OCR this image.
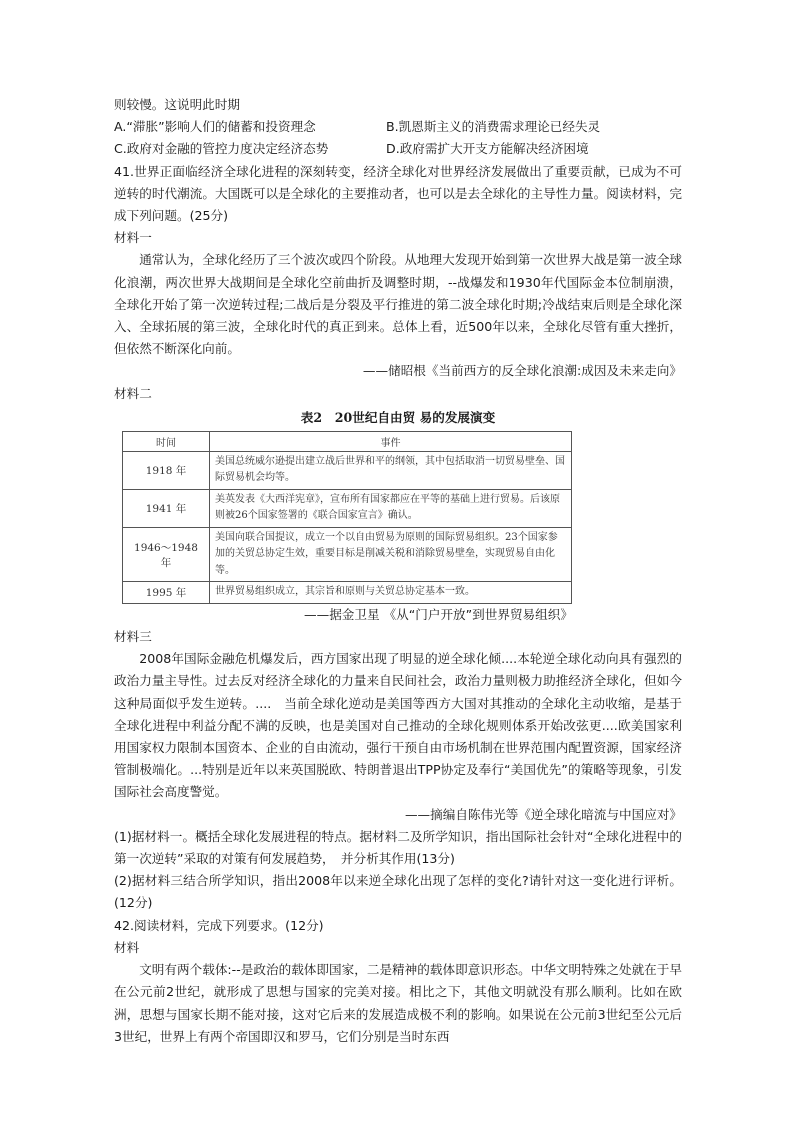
则较慢。这说明此时期
A.“滞胀”影响人们的储蓄和投资理念	B.凯恩斯主义的消费需求理论已经失灵
C.政府对金融的管控力度决定经济态势	D.政府需扩大开支方能解决经济困境
41.世界正面临经济全球化进程的深刻转变，经济全球化对世界经济发展做出了重要贡献，已成为不可逆转的时代潮流。大国既可以是全球化的主要推动者，也可以是去全球化的主导性力量。阅读材料，完成下列问题。(25分)
材料一
通常认为，全球化经历了三个波次或四个阶段。从地理大发现开始到第一次世界大战是第一波全球化浪潮，两次世界大战期间是全球化空前曲折及调整时期，--战爆发和1930年代国际金本位制崩溃，全球化开始了第一次逆转过程;二战后是分裂及平行推进的第二波全球化时期;冷战结束后则是全球化深入、全球拓展的第三波，全球化时代的真正到来。总体上看，近500年以来，全球化尽管有重大挫折，但依然不断深化向前。
——储昭根《当前西方的反全球化浪潮:成因及未来走向》
材料二
表2　20世纪自由贸 易的发展演变
时间	事件
1918 年	美国总统威尔逊提出建立战后世界和平的纲领，其中包括取消一切贸易壁垒、国际贸易机会均等。
1941 年	美英发表《大西洋宪章》，宣布所有国家都应在平等的基础上进行贸易。后该原则被26个国家签署的《联合国家宣言》确认。
1946～1948 年	美国向联合国提议，成立一个以自由贸易为原则的国际贸易组织。23个国家参加的关贸总协定生效，重要目标是削减关税和消除贸易壁垒，实现贸易自由化等。
1995 年	世界贸易组织成立，其宗旨和原则与关贸总协定基本一致。
——据金卫星 《从“门户开放”到世界贸易组织》
材料三
2008年国际金融危机爆发后，西方国家出现了明显的逆全球化倾....本轮逆全球化动向具有强烈的政治力量主导性。过去反对经济全球化的力量来自民间社会，政治力量则极力助推经济全球化，但如今这种局面似乎发生逆转。....　当前全球化逆动是美国等西方大国对其推动的全球化主动收缩，是基于全球化进程中利益分配不满的反映，也是美国对自己推动的全球化规则体系开始改弦更....欧美国家利用国家权力限制本国资本、企业的自由流动，强行干预自由市场机制在世界范围内配置资源，国家经济管制极端化。...特别是近年以来英国脱欧、特朗普退出TPP协定及奉行“美国优先”的策略等现象，引发国际社会高度警觉。
——摘编自陈伟光等《逆全球化暗流与中国应对》
(1)据材料一。概括全球化发展进程的特点。据材料二及所学知识，指出国际社会针对“全球化进程中的第一次逆转”采取的对策有何发展趋势，　并分析其作用(13分)
(2)据材料三结合所学知识，指出2008年以来逆全球化出现了怎样的变化?请针对这一变化进行评析。(12分)
42.阅读材料，完成下列要求。(12分)
材料
文明有两个载体:--是政治的载体即国家，二是精神的载体即意识形态。中华文明特殊之处就在于早在公元前2世纪，就形成了思想与国家的完美对接。相比之下，其他文明就没有那么顺利。比如在欧洲，思想与国家长期不能对接，这对它后来的发展造成极不利的影响。如果说在公元前3世纪至公元后3世纪，世界上有两个帝国即汉和罗马，它们分别是当时东西
